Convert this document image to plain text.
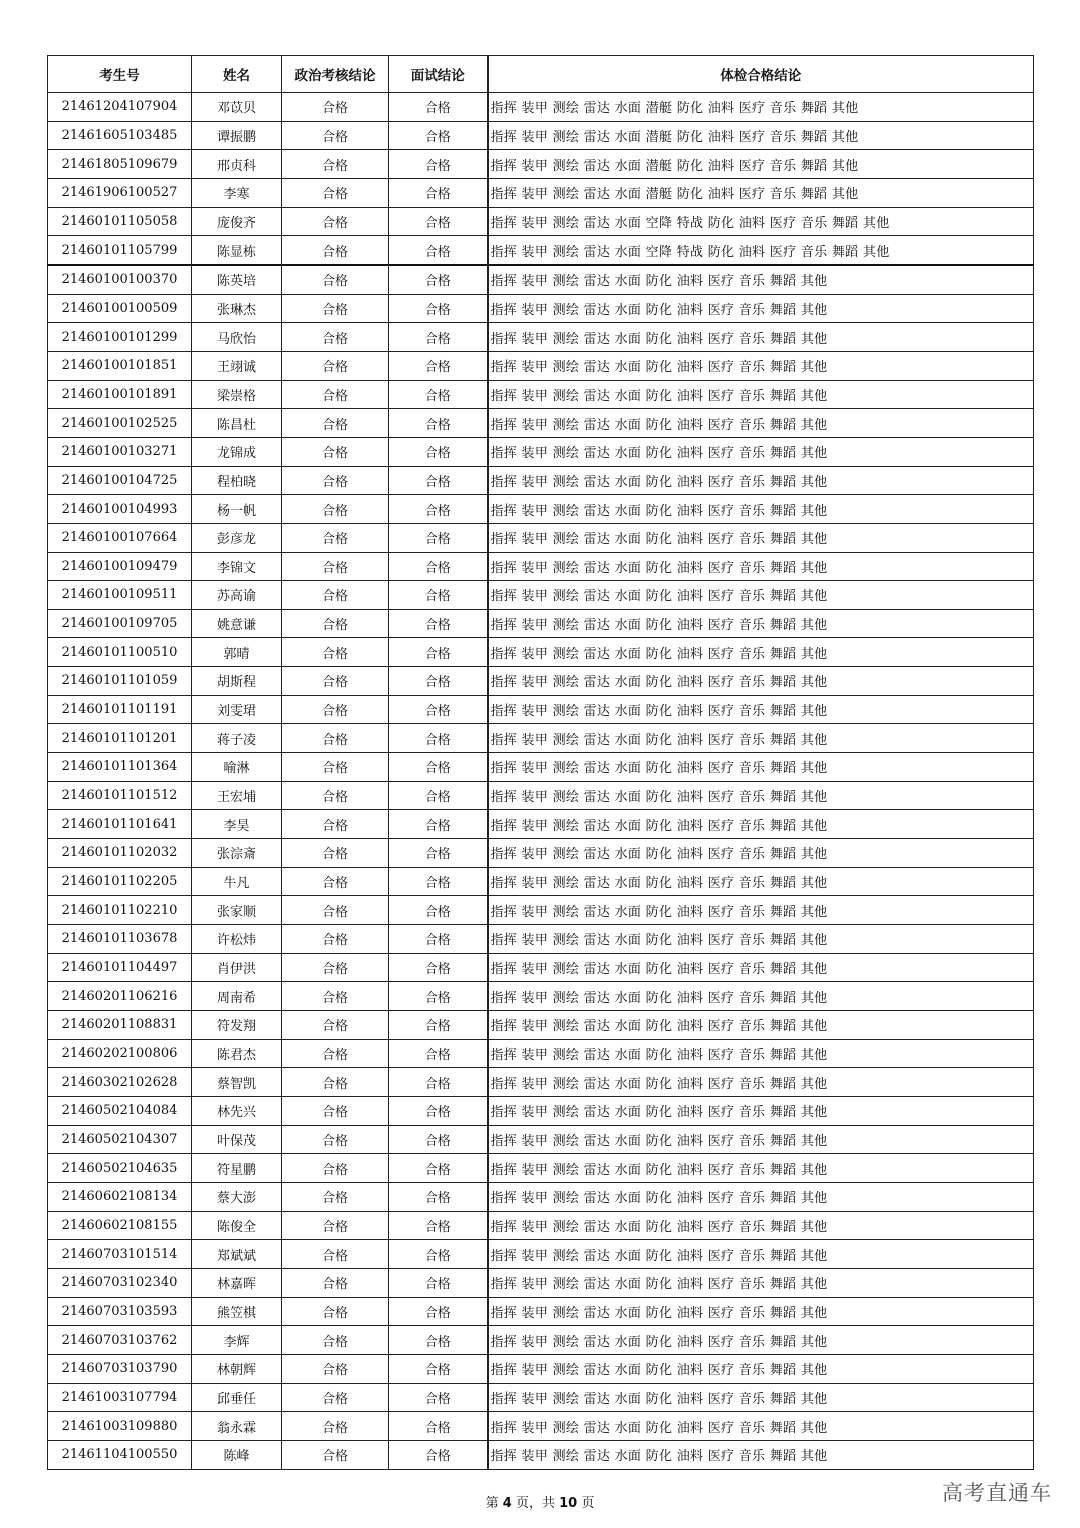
考生号	姓名	政治考核结论	面试结论	体检合格结论
21461204107904	邓苡贝	合格	合格	指挥 装甲 测绘 雷达 水面 潜艇 防化 油料 医疗 音乐 舞蹈 其他
21461605103485	谭振鹏	合格	合格	指挥 装甲 测绘 雷达 水面 潜艇 防化 油料 医疗 音乐 舞蹈 其他
21461805109679	邢贞科	合格	合格	指挥 装甲 测绘 雷达 水面 潜艇 防化 油料 医疗 音乐 舞蹈 其他
21461906100527	李寒	合格	合格	指挥 装甲 测绘 雷达 水面 潜艇 防化 油料 医疗 音乐 舞蹈 其他
21460101105058	庞俊齐	合格	合格	指挥 装甲 测绘 雷达 水面 空降 特战 防化 油料 医疗 音乐 舞蹈 其他
21460101105799	陈显栋	合格	合格	指挥 装甲 测绘 雷达 水面 空降 特战 防化 油料 医疗 音乐 舞蹈 其他
21460100100370	陈英培	合格	合格	指挥 装甲 测绘 雷达 水面 防化 油料 医疗 音乐 舞蹈 其他
21460100100509	张琳杰	合格	合格	指挥 装甲 测绘 雷达 水面 防化 油料 医疗 音乐 舞蹈 其他
21460100101299	马欣怡	合格	合格	指挥 装甲 测绘 雷达 水面 防化 油料 医疗 音乐 舞蹈 其他
21460100101851	王翊诚	合格	合格	指挥 装甲 测绘 雷达 水面 防化 油料 医疗 音乐 舞蹈 其他
21460100101891	梁崇格	合格	合格	指挥 装甲 测绘 雷达 水面 防化 油料 医疗 音乐 舞蹈 其他
21460100102525	陈昌杜	合格	合格	指挥 装甲 测绘 雷达 水面 防化 油料 医疗 音乐 舞蹈 其他
21460100103271	龙锦成	合格	合格	指挥 装甲 测绘 雷达 水面 防化 油料 医疗 音乐 舞蹈 其他
21460100104725	程柏晓	合格	合格	指挥 装甲 测绘 雷达 水面 防化 油料 医疗 音乐 舞蹈 其他
21460100104993	杨一帆	合格	合格	指挥 装甲 测绘 雷达 水面 防化 油料 医疗 音乐 舞蹈 其他
21460100107664	彭彦龙	合格	合格	指挥 装甲 测绘 雷达 水面 防化 油料 医疗 音乐 舞蹈 其他
21460100109479	李锦文	合格	合格	指挥 装甲 测绘 雷达 水面 防化 油料 医疗 音乐 舞蹈 其他
21460100109511	苏高谕	合格	合格	指挥 装甲 测绘 雷达 水面 防化 油料 医疗 音乐 舞蹈 其他
21460100109705	姚意谦	合格	合格	指挥 装甲 测绘 雷达 水面 防化 油料 医疗 音乐 舞蹈 其他
21460101100510	郭晴	合格	合格	指挥 装甲 测绘 雷达 水面 防化 油料 医疗 音乐 舞蹈 其他
21460101101059	胡斯程	合格	合格	指挥 装甲 测绘 雷达 水面 防化 油料 医疗 音乐 舞蹈 其他
21460101101191	刘雯珺	合格	合格	指挥 装甲 测绘 雷达 水面 防化 油料 医疗 音乐 舞蹈 其他
21460101101201	蒋子凌	合格	合格	指挥 装甲 测绘 雷达 水面 防化 油料 医疗 音乐 舞蹈 其他
21460101101364	喻淋	合格	合格	指挥 装甲 测绘 雷达 水面 防化 油料 医疗 音乐 舞蹈 其他
21460101101512	王宏埔	合格	合格	指挥 装甲 测绘 雷达 水面 防化 油料 医疗 音乐 舞蹈 其他
21460101101641	李昊	合格	合格	指挥 装甲 测绘 雷达 水面 防化 油料 医疗 音乐 舞蹈 其他
21460101102032	张淙斎	合格	合格	指挥 装甲 测绘 雷达 水面 防化 油料 医疗 音乐 舞蹈 其他
21460101102205	牛凡	合格	合格	指挥 装甲 测绘 雷达 水面 防化 油料 医疗 音乐 舞蹈 其他
21460101102210	张家顺	合格	合格	指挥 装甲 测绘 雷达 水面 防化 油料 医疗 音乐 舞蹈 其他
21460101103678	许松炜	合格	合格	指挥 装甲 测绘 雷达 水面 防化 油料 医疗 音乐 舞蹈 其他
21460101104497	肖伊洪	合格	合格	指挥 装甲 测绘 雷达 水面 防化 油料 医疗 音乐 舞蹈 其他
21460201106216	周南希	合格	合格	指挥 装甲 测绘 雷达 水面 防化 油料 医疗 音乐 舞蹈 其他
21460201108831	符发翔	合格	合格	指挥 装甲 测绘 雷达 水面 防化 油料 医疗 音乐 舞蹈 其他
21460202100806	陈君杰	合格	合格	指挥 装甲 测绘 雷达 水面 防化 油料 医疗 音乐 舞蹈 其他
21460302102628	蔡智凯	合格	合格	指挥 装甲 测绘 雷达 水面 防化 油料 医疗 音乐 舞蹈 其他
21460502104084	林先兴	合格	合格	指挥 装甲 测绘 雷达 水面 防化 油料 医疗 音乐 舞蹈 其他
21460502104307	叶保茂	合格	合格	指挥 装甲 测绘 雷达 水面 防化 油料 医疗 音乐 舞蹈 其他
21460502104635	符星鹏	合格	合格	指挥 装甲 测绘 雷达 水面 防化 油料 医疗 音乐 舞蹈 其他
21460602108134	蔡大澎	合格	合格	指挥 装甲 测绘 雷达 水面 防化 油料 医疗 音乐 舞蹈 其他
21460602108155	陈俊全	合格	合格	指挥 装甲 测绘 雷达 水面 防化 油料 医疗 音乐 舞蹈 其他
21460703101514	郑斌斌	合格	合格	指挥 装甲 测绘 雷达 水面 防化 油料 医疗 音乐 舞蹈 其他
21460703102340	林嘉晖	合格	合格	指挥 装甲 测绘 雷达 水面 防化 油料 医疗 音乐 舞蹈 其他
21460703103593	熊笠棋	合格	合格	指挥 装甲 测绘 雷达 水面 防化 油料 医疗 音乐 舞蹈 其他
21460703103762	李辉	合格	合格	指挥 装甲 测绘 雷达 水面 防化 油料 医疗 音乐 舞蹈 其他
21460703103790	林朝辉	合格	合格	指挥 装甲 测绘 雷达 水面 防化 油料 医疗 音乐 舞蹈 其他
21461003107794	邱垂任	合格	合格	指挥 装甲 测绘 雷达 水面 防化 油料 医疗 音乐 舞蹈 其他
21461003109880	翁永霖	合格	合格	指挥 装甲 测绘 雷达 水面 防化 油料 医疗 音乐 舞蹈 其他
21461104100550	陈峰	合格	合格	指挥 装甲 测绘 雷达 水面 防化 油料 医疗 音乐 舞蹈 其他
第 4 页，共 10 页	高考直通车
